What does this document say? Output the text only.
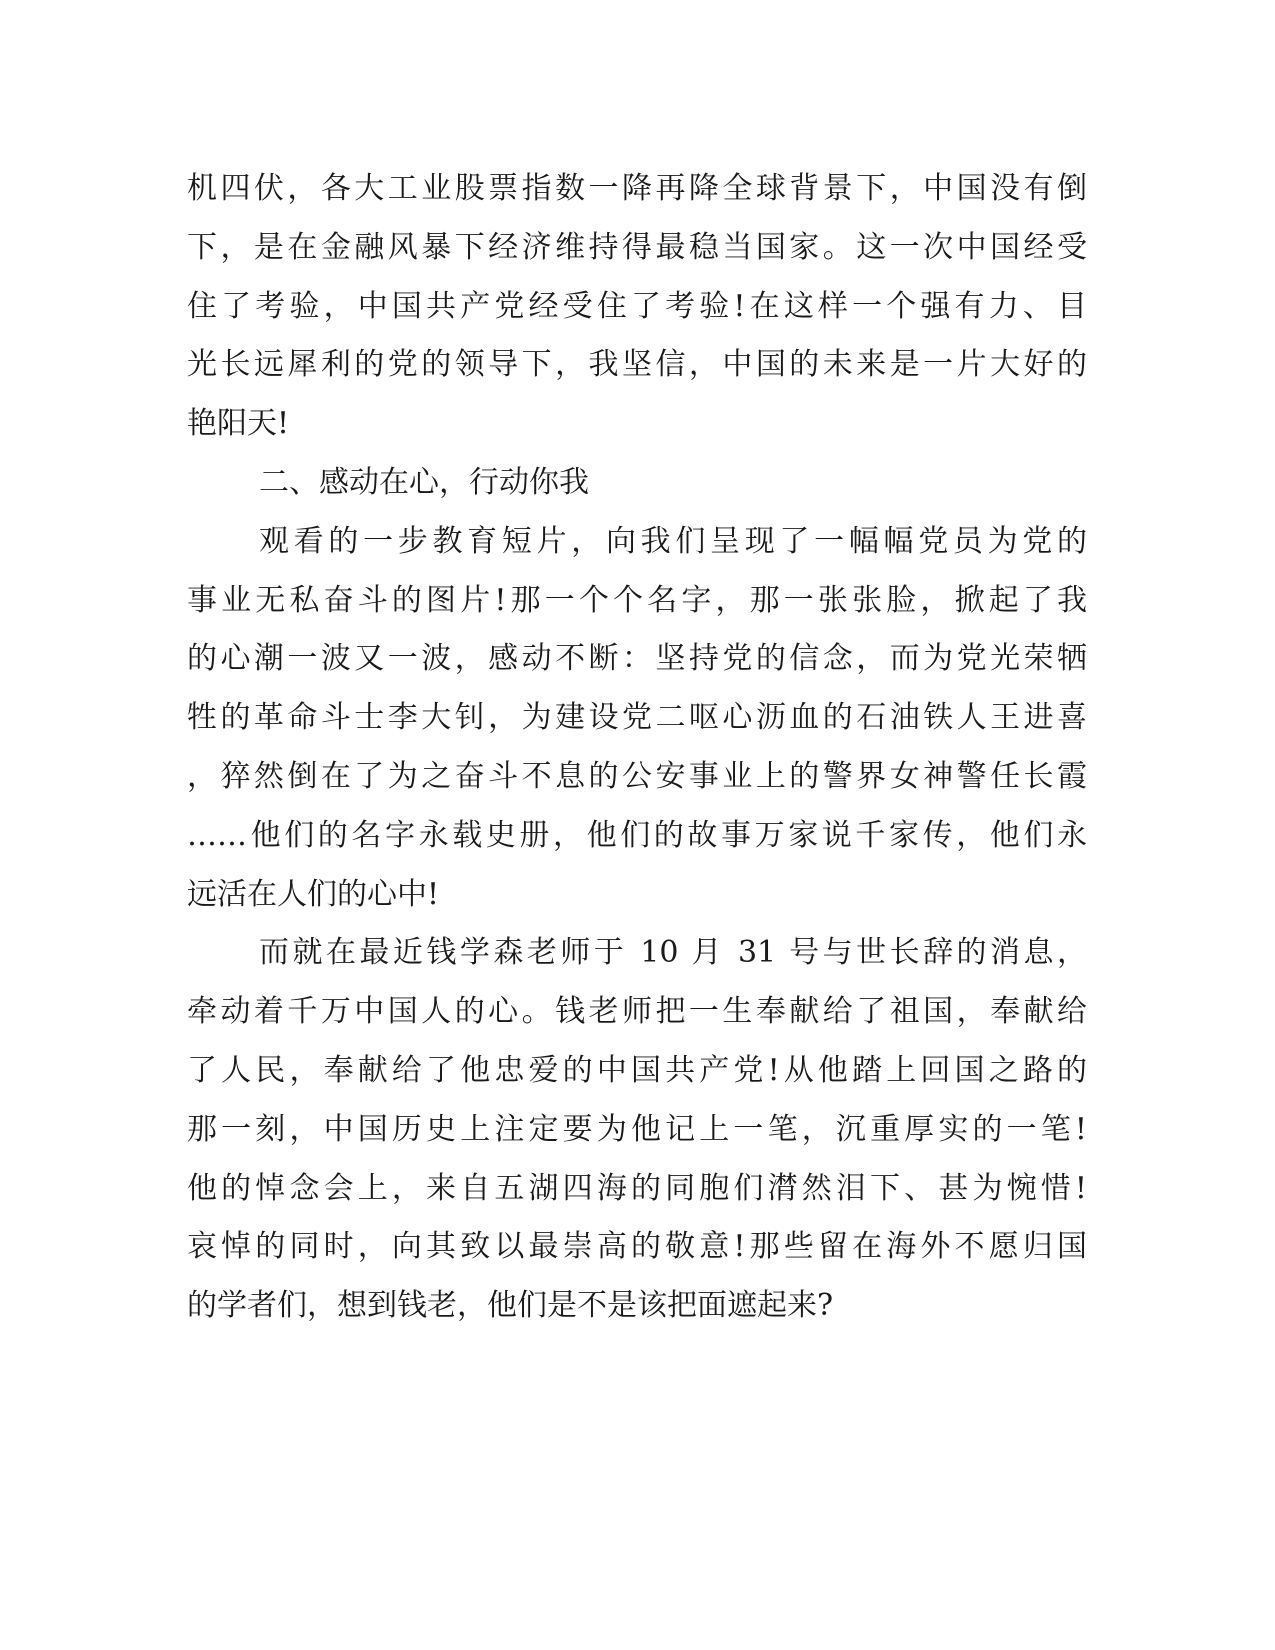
机四伏，各大工业股票指数一降再降全球背景下，中国没有倒
下，是在金融风暴下经济维持得最稳当国家。这一次中国经受
住了考验，中国共产党经受住了考验!在这样一个强有力、目
光长远犀利的党的领导下，我坚信，中国的未来是一片大好的
艳阳天!
二、感动在心，行动你我
观看的一步教育短片，向我们呈现了一幅幅党员为党的
事业无私奋斗的图片!那一个个名字，那一张张脸，掀起了我
的心潮一波又一波，感动不断：坚持党的信念，而为党光荣牺
牲的革命斗士李大钊，为建设党二呕心沥血的石油铁人王进喜
，猝然倒在了为之奋斗不息的公安事业上的警界女神警任长霞
……他们的名字永载史册，他们的故事万家说千家传，他们永
远活在人们的心中!
而就在最近钱学森老师于 10 月 31 号与世长辞的消息，
牵动着千万中国人的心。钱老师把一生奉献给了祖国，奉献给
了人民，奉献给了他忠爱的中国共产党!从他踏上回国之路的
那一刻，中国历史上注定要为他记上一笔，沉重厚实的一笔!
他的悼念会上，来自五湖四海的同胞们潸然泪下、甚为惋惜!
哀悼的同时，向其致以最崇高的敬意!那些留在海外不愿归国
的学者们，想到钱老，他们是不是该把面遮起来?
